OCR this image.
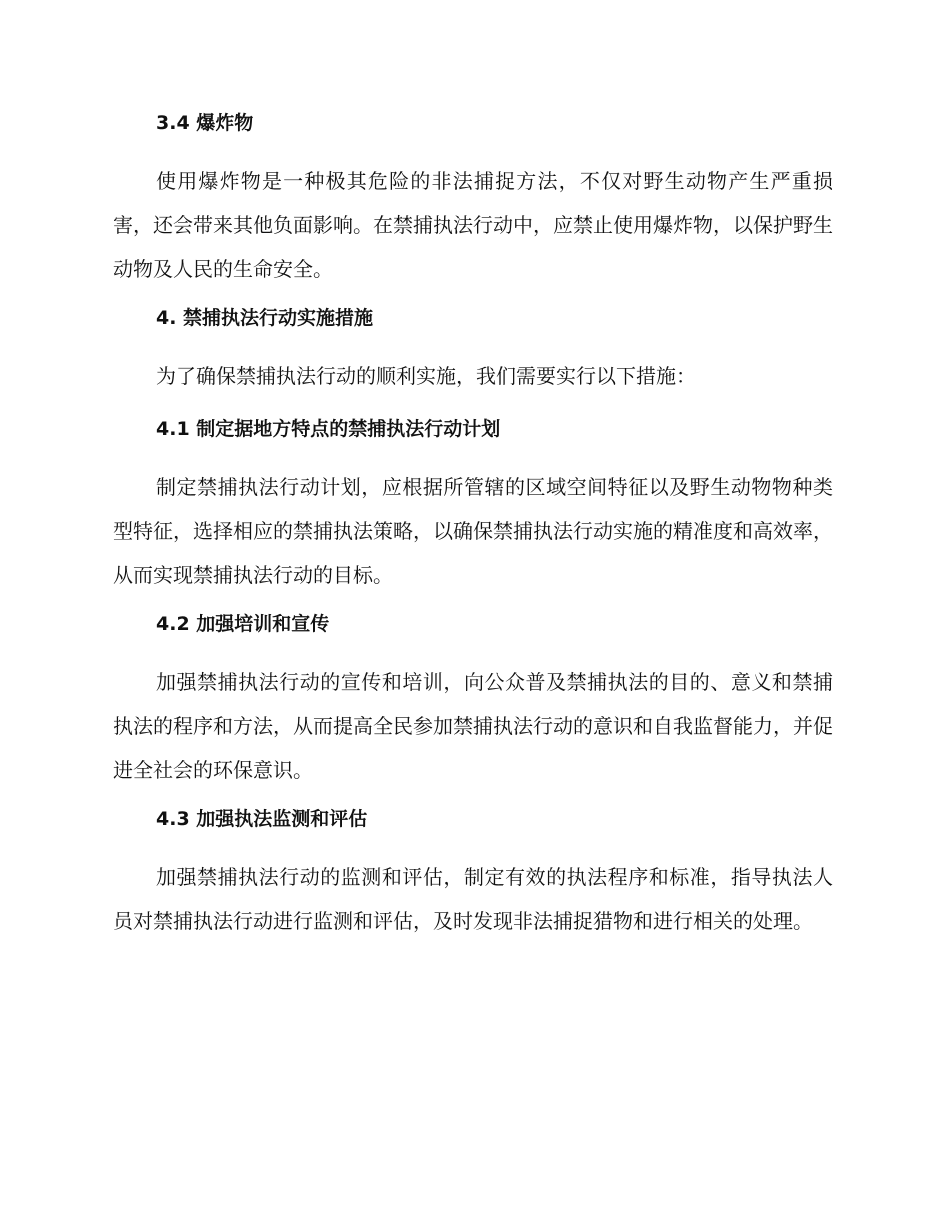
3.4 爆炸物

使用爆炸物是一种极其危险的非法捕捉方法，不仅对野生动物产生严重损害，还会带来其他负面影响。在禁捕执法行动中，应禁止使用爆炸物，以保护野生动物及人民的生命安全。

4. 禁捕执法行动实施措施

为了确保禁捕执法行动的顺利实施，我们需要实行以下措施：

4.1 制定据地方特点的禁捕执法行动计划

制定禁捕执法行动计划，应根据所管辖的区域空间特征以及野生动物物种类型特征，选择相应的禁捕执法策略，以确保禁捕执法行动实施的精准度和高效率，从而实现禁捕执法行动的目标。

4.2 加强培训和宣传

加强禁捕执法行动的宣传和培训，向公众普及禁捕执法的目的、意义和禁捕执法的程序和方法，从而提高全民参加禁捕执法行动的意识和自我监督能力，并促进全社会的环保意识。

4.3 加强执法监测和评估

加强禁捕执法行动的监测和评估，制定有效的执法程序和标准，指导执法人员对禁捕执法行动进行监测和评估，及时发现非法捕捉猎物和进行相关的处理。
